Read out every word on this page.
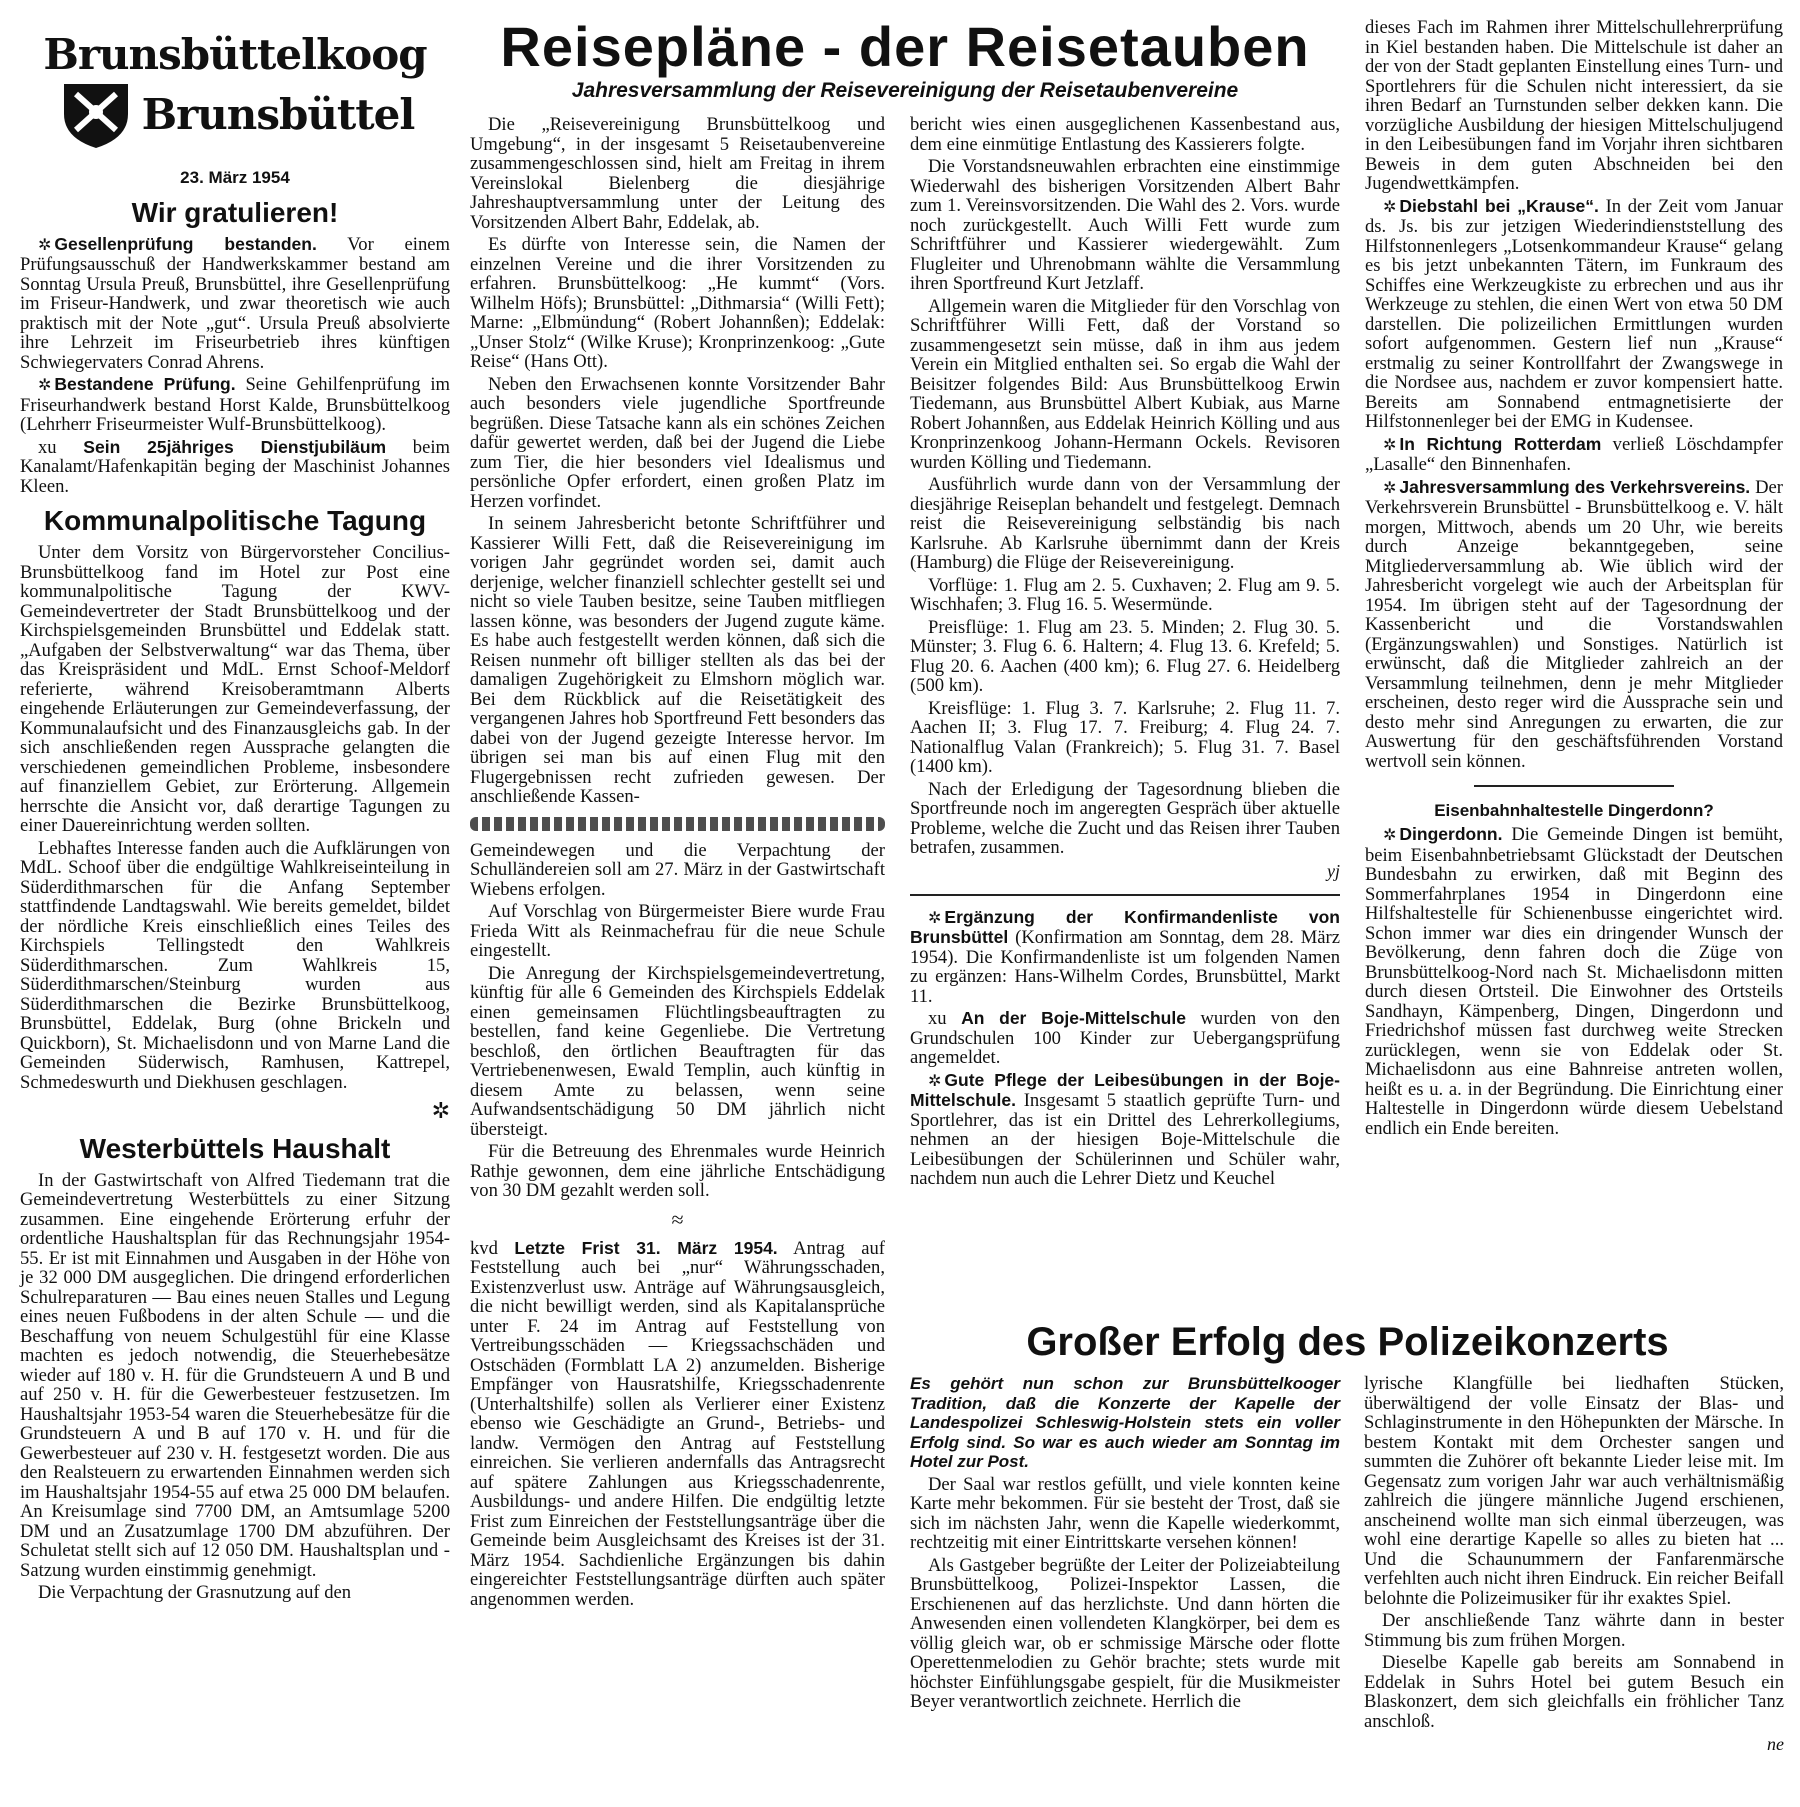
Brunsbüttelkoog
Brunsbüttel
23. März 1954
Wir gratulieren!

✲ Gesellenprüfung bestanden. Vor einem Prüfungsausschuß der Handwerkskammer bestand am Sonntag Ursula Preuß, Brunsbüttel, ihre Gesellenprüfung im Friseur-Handwerk, und zwar theoretisch wie auch praktisch mit der Note „gut“. Ursula Preuß absolvierte ihre Lehrzeit im Friseurbetrieb ihres künftigen Schwiegervaters Conrad Ahrens.

✲ Bestandene Prüfung. Seine Gehilfenprüfung im Friseurhandwerk bestand Horst Kalde, Brunsbüttelkoog (Lehrherr Friseurmeister Wulf-Brunsbüttelkoog).

xu Sein 25jähriges Dienstjubiläum beim Kanalamt/Hafenkapitän beging der Maschinist Johannes Kleen.

Kommunalpolitische Tagung

Unter dem Vorsitz von Bürgervorsteher Concilius-Brunsbüttelkoog fand im Hotel zur Post eine kommunalpolitische Tagung der KWV-Gemeindevertreter der Stadt Brunsbüttelkoog und der Kirchspielsgemeinden Brunsbüttel und Eddelak statt. „Aufgaben der Selbstverwaltung“ war das Thema, über das Kreispräsident und MdL. Ernst Schoof-Meldorf referierte, während Kreisoberamtmann Alberts eingehende Erläuterungen zur Gemeindeverfassung, der Kommunalaufsicht und des Finanzausgleichs gab. In der sich anschließenden regen Aussprache gelangten die verschiedenen gemeindlichen Probleme, insbesondere auf finanziellem Gebiet, zur Erörterung. Allgemein herrschte die Ansicht vor, daß derartige Tagungen zu einer Dauereinrichtung werden sollten.

Lebhaftes Interesse fanden auch die Aufklärungen von MdL. Schoof über die endgültige Wahlkreiseinteilung in Süderdithmarschen für die Anfang September stattfindende Landtagswahl. Wie bereits gemeldet, bildet der nördliche Kreis einschließlich eines Teiles des Kirchspiels Tellingstedt den Wahlkreis Süderdithmarschen. Zum Wahlkreis 15, Süderdithmarschen/Steinburg wurden aus Süderdithmarschen die Bezirke Brunsbüttelkoog, Brunsbüttel, Eddelak, Burg (ohne Brickeln und Quickborn), St. Michaelisdonn und von Marne Land die Gemeinden Süderwisch, Ramhusen, Kattrepel, Schmedeswurth und Diekhusen geschlagen.

✲
Westerbüttels Haushalt

In der Gastwirtschaft von Alfred Tiedemann trat die Gemeindevertretung Westerbüttels zu einer Sitzung zusammen. Eine eingehende Erörterung erfuhr der ordentliche Haushaltsplan für das Rechnungsjahr 1954-55. Er ist mit Einnahmen und Ausgaben in der Höhe von je 32 000 DM ausgeglichen. Die dringend erforderlichen Schulreparaturen — Bau eines neuen Stalles und Legung eines neuen Fußbodens in der alten Schule — und die Beschaffung von neuem Schulgestühl für eine Klasse machten es jedoch notwendig, die Steuerhebesätze wieder auf 180 v. H. für die Grundsteuern A und B und auf 250 v. H. für die Gewerbesteuer festzusetzen. Im Haushaltsjahr 1953-54 waren die Steuerhebesätze für die Grundsteuern A und B auf 170 v. H. und für die Gewerbesteuer auf 230 v. H. festgesetzt worden. Die aus den Realsteuern zu erwartenden Einnahmen werden sich im Haushaltsjahr 1954-55 auf etwa 25 000 DM belaufen. An Kreisumlage sind 7700 DM, an Amtsumlage 5200 DM und an Zusatzumlage 1700 DM abzuführen. Der Schuletat stellt sich auf 12 050 DM. Haushaltsplan und -Satzung wurden einstimmig genehmigt.

Die Verpachtung der Grasnutzung auf den

Reisepläne - der Reisetauben
Jahresversammlung der Reisevereinigung der Reisetaubenvereine

Die „Reisevereinigung Brunsbüttelkoog und Umgebung“, in der insgesamt 5 Reisetaubenvereine zusammengeschlossen sind, hielt am Freitag in ihrem Vereinslokal Bielenberg die diesjährige Jahreshauptversammlung unter der Leitung des Vorsitzenden Albert Bahr, Eddelak, ab.

Es dürfte von Interesse sein, die Namen der einzelnen Vereine und die ihrer Vorsitzenden zu erfahren. Brunsbüttelkoog: „He kummt“ (Vors. Wilhelm Höfs); Brunsbüttel: „Dithmarsia“ (Willi Fett); Marne: „Elbmündung“ (Robert Johannßen); Eddelak: „Unser Stolz“ (Wilke Kruse); Kronprinzenkoog: „Gute Reise“ (Hans Ott).

Neben den Erwachsenen konnte Vorsitzender Bahr auch besonders viele jugendliche Sportfreunde begrüßen. Diese Tatsache kann als ein schönes Zeichen dafür gewertet werden, daß bei der Jugend die Liebe zum Tier, die hier besonders viel Idealismus und persönliche Opfer erfordert, einen großen Platz im Herzen vorfindet.

In seinem Jahresbericht betonte Schriftführer und Kassierer Willi Fett, daß die Reisevereinigung im vorigen Jahr gegründet worden sei, damit auch derjenige, welcher finanziell schlechter gestellt sei und nicht so viele Tauben besitze, seine Tauben mitfliegen lassen könne, was besonders der Jugend zugute käme. Es habe auch festgestellt werden können, daß sich die Reisen nunmehr oft billiger stellten als das bei der damaligen Zugehörigkeit zu Elmshorn möglich war. Bei dem Rückblick auf die Reisetätigkeit des vergangenen Jahres hob Sportfreund Fett besonders das dabei von der Jugend gezeigte Interesse hervor. Im übrigen sei man bis auf einen Flug mit den Flugergebnissen recht zufrieden gewesen. Der anschließende Kassen-

Gemeindewegen und die Verpachtung der Schulländereien soll am 27. März in der Gastwirtschaft Wiebens erfolgen.

Auf Vorschlag von Bürgermeister Biere wurde Frau Frieda Witt als Reinmachefrau für die neue Schule eingestellt.

Die Anregung der Kirchspielsgemeindevertretung, künftig für alle 6 Gemeinden des Kirchspiels Eddelak einen gemeinsamen Flüchtlingsbeauftragten zu bestellen, fand keine Gegenliebe. Die Vertretung beschloß, den örtlichen Beauftragten für das Vertriebenenwesen, Ewald Templin, auch künftig in diesem Amte zu belassen, wenn seine Aufwandsentschädigung 50 DM jährlich nicht übersteigt.

Für die Betreuung des Ehrenmales wurde Heinrich Rathje gewonnen, dem eine jährliche Entschädigung von 30 DM gezahlt werden soll.

≈

kvd Letzte Frist 31. März 1954. Antrag auf Feststellung auch bei „nur“ Währungsschaden, Existenzverlust usw. Anträge auf Währungsausgleich, die nicht bewilligt werden, sind als Kapitalansprüche unter F. 24 im Antrag auf Feststellung von Vertreibungsschäden — Kriegssachschäden und Ostschäden (Formblatt LA 2) anzumelden. Bisherige Empfänger von Hausratshilfe, Kriegsschadenrente (Unterhaltshilfe) sollen als Verlierer einer Existenz ebenso wie Geschädigte an Grund-, Betriebs- und landw. Vermögen den Antrag auf Feststellung einreichen. Sie verlieren andernfalls das Antragsrecht auf spätere Zahlungen aus Kriegsschadenrente, Ausbildungs- und andere Hilfen. Die endgültig letzte Frist zum Einreichen der Feststellungsanträge über die Gemeinde beim Ausgleichsamt des Kreises ist der 31. März 1954. Sachdienliche Ergänzungen bis dahin eingereichter Feststellungsanträge dürften auch später angenommen werden.

bericht wies einen ausgeglichenen Kassenbestand aus, dem eine einmütige Entlastung des Kassierers folgte.

Die Vorstandsneuwahlen erbrachten eine einstimmige Wiederwahl des bisherigen Vorsitzenden Albert Bahr zum 1. Vereinsvorsitzenden. Die Wahl des 2. Vors. wurde noch zurückgestellt. Auch Willi Fett wurde zum Schriftführer und Kassierer wiedergewählt. Zum Flugleiter und Uhrenobmann wählte die Versammlung ihren Sportfreund Kurt Jetzlaff.

Allgemein waren die Mitglieder für den Vorschlag von Schriftführer Willi Fett, daß der Vorstand so zusammengesetzt sein müsse, daß in ihm aus jedem Verein ein Mitglied enthalten sei. So ergab die Wahl der Beisitzer folgendes Bild: Aus Brunsbüttelkoog Erwin Tiedemann, aus Brunsbüttel Albert Kubiak, aus Marne Robert Johannßen, aus Eddelak Heinrich Kölling und aus Kronprinzenkoog Johann-Hermann Ockels. Revisoren wurden Kölling und Tiedemann.

Ausführlich wurde dann von der Versammlung der diesjährige Reiseplan behandelt und festgelegt. Demnach reist die Reisevereinigung selbständig bis nach Karlsruhe. Ab Karlsruhe übernimmt dann der Kreis (Hamburg) die Flüge der Reisevereinigung.

Vorflüge: 1. Flug am 2. 5. Cuxhaven; 2. Flug am 9. 5. Wischhafen; 3. Flug 16. 5. Wesermünde.

Preisflüge: 1. Flug am 23. 5. Minden; 2. Flug 30. 5. Münster; 3. Flug 6. 6. Haltern; 4. Flug 13. 6. Krefeld; 5. Flug 20. 6. Aachen (400 km); 6. Flug 27. 6. Heidelberg (500 km).

Kreisflüge: 1. Flug 3. 7. Karlsruhe; 2. Flug 11. 7. Aachen II; 3. Flug 17. 7. Freiburg; 4. Flug 24. 7. Nationalflug Valan (Frankreich); 5. Flug 31. 7. Basel (1400 km).

Nach der Erledigung der Tagesordnung blieben die Sportfreunde noch im angeregten Gespräch über aktuelle Probleme, welche die Zucht und das Reisen ihrer Tauben betrafen, zusammen.

yj

✲ Ergänzung der Konfirmandenliste von Brunsbüttel (Konfirmation am Sonntag, dem 28. März 1954). Die Konfirmandenliste ist um folgenden Namen zu ergänzen: Hans-Wilhelm Cordes, Brunsbüttel, Markt 11.

xu An der Boje-Mittelschule wurden von den Grundschulen 100 Kinder zur Uebergangsprüfung angemeldet.

✲ Gute Pflege der Leibesübungen in der Boje-Mittelschule. Insgesamt 5 staatlich geprüfte Turn- und Sportlehrer, das ist ein Drittel des Lehrerkollegiums, nehmen an der hiesigen Boje-Mittelschule die Leibesübungen der Schülerinnen und Schüler wahr, nachdem nun auch die Lehrer Dietz und Keuchel

dieses Fach im Rahmen ihrer Mittelschullehrerprüfung in Kiel bestanden haben. Die Mittelschule ist daher an der von der Stadt geplanten Einstellung eines Turn- und Sportlehrers für die Schulen nicht interessiert, da sie ihren Bedarf an Turnstunden selber dekken kann. Die vorzügliche Ausbildung der hiesigen Mittelschuljugend in den Leibesübungen fand im Vorjahr ihren sichtbaren Beweis in dem guten Abschneiden bei den Jugendwettkämpfen.

✲ Diebstahl bei „Krause“. In der Zeit vom Januar ds. Js. bis zur jetzigen Wiederindienststellung des Hilfstonnenlegers „Lotsenkommandeur Krause“ gelang es bis jetzt unbekannten Tätern, im Funkraum des Schiffes eine Werkzeugkiste zu erbrechen und aus ihr Werkzeuge zu stehlen, die einen Wert von etwa 50 DM darstellen. Die polizeilichen Ermittlungen wurden sofort aufgenommen. Gestern lief nun „Krause“ erstmalig zu seiner Kontrollfahrt der Zwangswege in die Nordsee aus, nachdem er zuvor kompensiert hatte. Bereits am Sonnabend entmagnetisierte der Hilfstonnenleger bei der EMG in Kudensee.

✲ In Richtung Rotterdam verließ Löschdampfer „Lasalle“ den Binnenhafen.

✲ Jahresversammlung des Verkehrsvereins. Der Verkehrsverein Brunsbüttel - Brunsbüttelkoog e. V. hält morgen, Mittwoch, abends um 20 Uhr, wie bereits durch Anzeige bekanntgegeben, seine Mitgliederversammlung ab. Wie üblich wird der Jahresbericht vorgelegt wie auch der Arbeitsplan für 1954. Im übrigen steht auf der Tagesordnung der Kassenbericht und die Vorstandswahlen (Ergänzungswahlen) und Sonstiges. Natürlich ist erwünscht, daß die Mitglieder zahlreich an der Versammlung teilnehmen, denn je mehr Mitglieder erscheinen, desto reger wird die Aussprache sein und desto mehr sind Anregungen zu erwarten, die zur Auswertung für den geschäftsführenden Vorstand wertvoll sein können.

Eisenbahnhaltestelle Dingerdonn?

✲ Dingerdonn. Die Gemeinde Dingen ist bemüht, beim Eisenbahnbetriebsamt Glückstadt der Deutschen Bundesbahn zu erwirken, daß mit Beginn des Sommerfahrplanes 1954 in Dingerdonn eine Hilfshaltestelle für Schienenbusse eingerichtet wird. Schon immer war dies ein dringender Wunsch der Bevölkerung, denn fahren doch die Züge von Brunsbüttelkoog-Nord nach St. Michaelisdonn mitten durch diesen Ortsteil. Die Einwohner des Ortsteils Sandhayn, Kämpenberg, Dingen, Dingerdonn und Friedrichshof müssen fast durchweg weite Strecken zurücklegen, wenn sie von Eddelak oder St. Michaelisdonn aus eine Bahnreise antreten wollen, heißt es u. a. in der Begründung. Die Einrichtung einer Haltestelle in Dingerdonn würde diesem Uebelstand endlich ein Ende bereiten.

Großer Erfolg des Polizeikonzerts

Es gehört nun schon zur Brunsbüttelkooger Tradition, daß die Konzerte der Kapelle der Landespolizei Schleswig-Holstein stets ein voller Erfolg sind. So war es auch wieder am Sonntag im Hotel zur Post.

Der Saal war restlos gefüllt, und viele konnten keine Karte mehr bekommen. Für sie besteht der Trost, daß sie sich im nächsten Jahr, wenn die Kapelle wiederkommt, rechtzeitig mit einer Eintrittskarte versehen können!

Als Gastgeber begrüßte der Leiter der Polizeiabteilung Brunsbüttelkoog, Polizei-Inspektor Lassen, die Erschienenen auf das herzlichste. Und dann hörten die Anwesenden einen vollendeten Klangkörper, bei dem es völlig gleich war, ob er schmissige Märsche oder flotte Operettenmelodien zu Gehör brachte; stets wurde mit höchster Einfühlungsgabe gespielt, für die Musikmeister Beyer verantwortlich zeichnete. Herrlich die

lyrische Klangfülle bei liedhaften Stücken, überwältigend der volle Einsatz der Blas- und Schlaginstrumente in den Höhepunkten der Märsche. In bestem Kontakt mit dem Orchester sangen und summten die Zuhörer oft bekannte Lieder leise mit. Im Gegensatz zum vorigen Jahr war auch verhältnismäßig zahlreich die jüngere männliche Jugend erschienen, anscheinend wollte man sich einmal überzeugen, was wohl eine derartige Kapelle so alles zu bieten hat ... Und die Schaunummern der Fanfarenmärsche verfehlten auch nicht ihren Eindruck. Ein reicher Beifall belohnte die Polizeimusiker für ihr exaktes Spiel.

Der anschließende Tanz währte dann in bester Stimmung bis zum frühen Morgen.

Dieselbe Kapelle gab bereits am Sonnabend in Eddelak in Suhrs Hotel bei gutem Besuch ein Blaskonzert, dem sich gleichfalls ein fröhlicher Tanz anschloß.

ne
